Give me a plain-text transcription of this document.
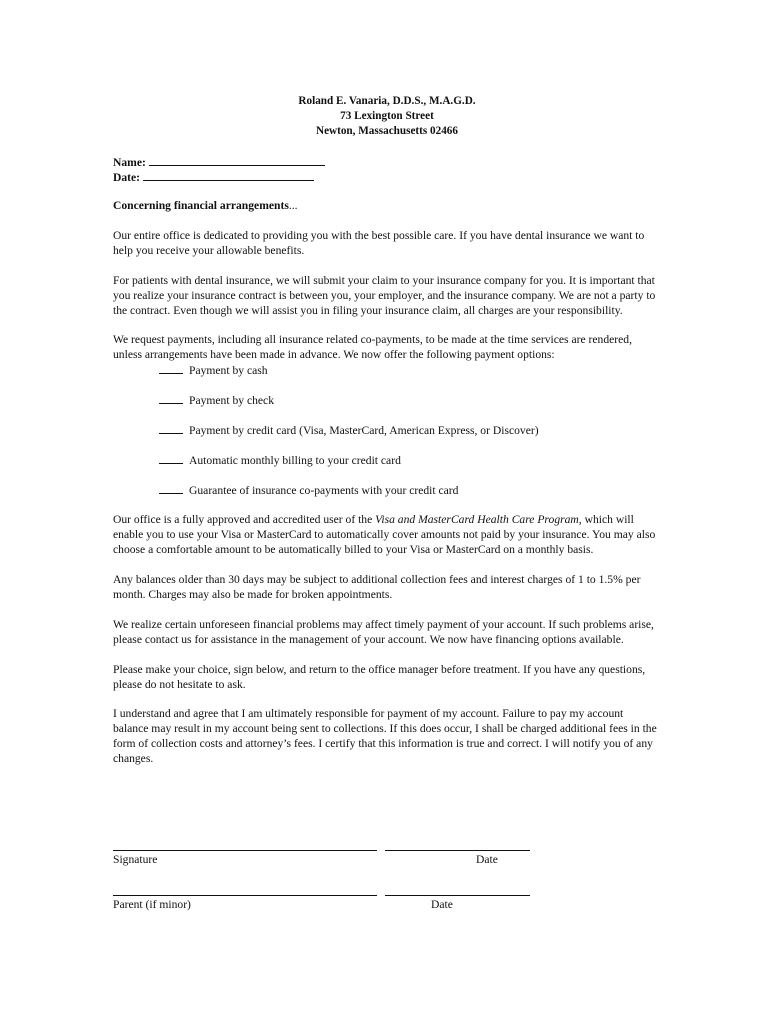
Roland E. Vanaria, D.D.S., M.A.G.D.
73 Lexington Street
Newton, Massachusetts 02466
Name:
Date:
Concerning financial arrangements...

Our entire office is dedicated to providing you with the best possible care. If you have dental insurance we want to help you receive your allowable benefits.

For patients with dental insurance, we will submit your claim to your insurance company for you. It is important that you realize your insurance contract is between you, your employer, and the insurance company. We are not a party to the contract. Even though we will assist you in filing your insurance claim, all charges are your responsibility.

We request payments, including all insurance related co-payments, to be made at the time services are rendered, unless arrangements have been made in advance. We now offer the following payment options:

Payment by cash
Payment by check
Payment by credit card (Visa, MasterCard, American Express, or Discover)
Automatic monthly billing to your credit card
Guarantee of insurance co-payments with your credit card

Our office is a fully approved and accredited user of the Visa and MasterCard Health Care Program, which will enable you to use your Visa or MasterCard to automatically cover amounts not paid by your insurance. You may also choose a comfortable amount to be automatically billed to your Visa or MasterCard on a monthly basis.

Any balances older than 30 days may be subject to additional collection fees and interest charges of 1 to 1.5% per month. Charges may also be made for broken appointments.

We realize certain unforeseen financial problems may affect timely payment of your account. If such problems arise, please contact us for assistance in the management of your account. We now have financing options available.

Please make your choice, sign below, and return to the office manager before treatment. If you have any questions, please do not hesitate to ask.

I understand and agree that I am ultimately responsible for payment of my account. Failure to pay my account balance may result in my account being sent to collections. If this does occur, I shall be charged additional fees in the form of collection costs and attorney’s fees. I certify that this information is true and correct. I will notify you of any changes.

Signature	Date
Parent (if minor)	Date
